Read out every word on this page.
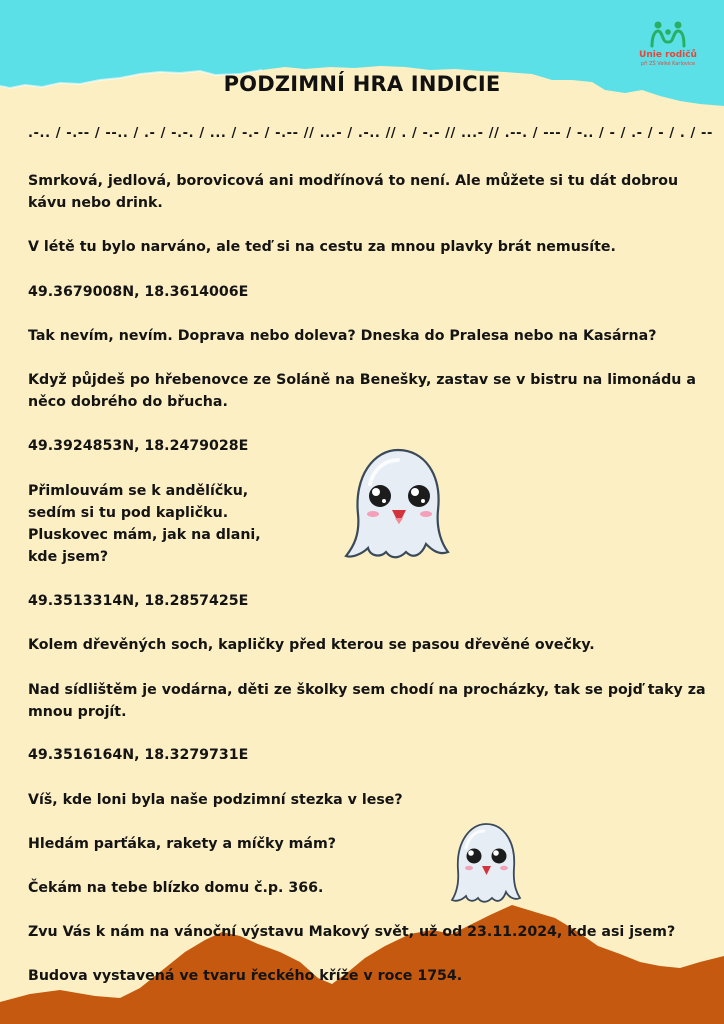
Unie rodičů
při ZŠ Velké Karlovice
PODZIMNÍ HRA INDICIE
.-.. / -.-- / --.. / .- / -.-. / ... / -.- / -.-- // ...- / .-.. // . / -.- // ...- // .--. / --- / -.. / - / .- / - / . / --
Smrková, jedlová, borovicová ani modřínová to není. Ale můžete si tu dát dobrou
kávu nebo drink.
V létě tu bylo narváno, ale teď si na cestu za mnou plavky brát nemusíte.
49.3679008N, 18.3614006E
Tak nevím, nevím. Doprava nebo doleva? Dneska do Pralesa nebo na Kasárna?
Když půjdeš po hřebenovce ze Soláně na Benešky, zastav se v bistru na limonádu a
něco dobrého do břucha.
49.3924853N, 18.2479028E
Přimlouvám se k andělíčku,
sedím si tu pod kapličku.
Pluskovec mám, jak na dlani,
kde jsem?
49.3513314N, 18.2857425E
Kolem dřevěných soch, kapličky před kterou se pasou dřevěné ovečky.
Nad sídlištěm je vodárna, děti ze školky sem chodí na procházky, tak se pojď taky za
mnou projít.
49.3516164N, 18.3279731E
Víš, kde loni byla naše podzimní stezka v lese?
Hledám parťáka, rakety a míčky mám?
Čekám na tebe blízko domu č.p. 366.
Zvu Vás k nám na vánoční výstavu Makový svět, už od 23.11.2024, kde asi jsem?
Budova vystavená ve tvaru řeckého kříže v roce 1754.
